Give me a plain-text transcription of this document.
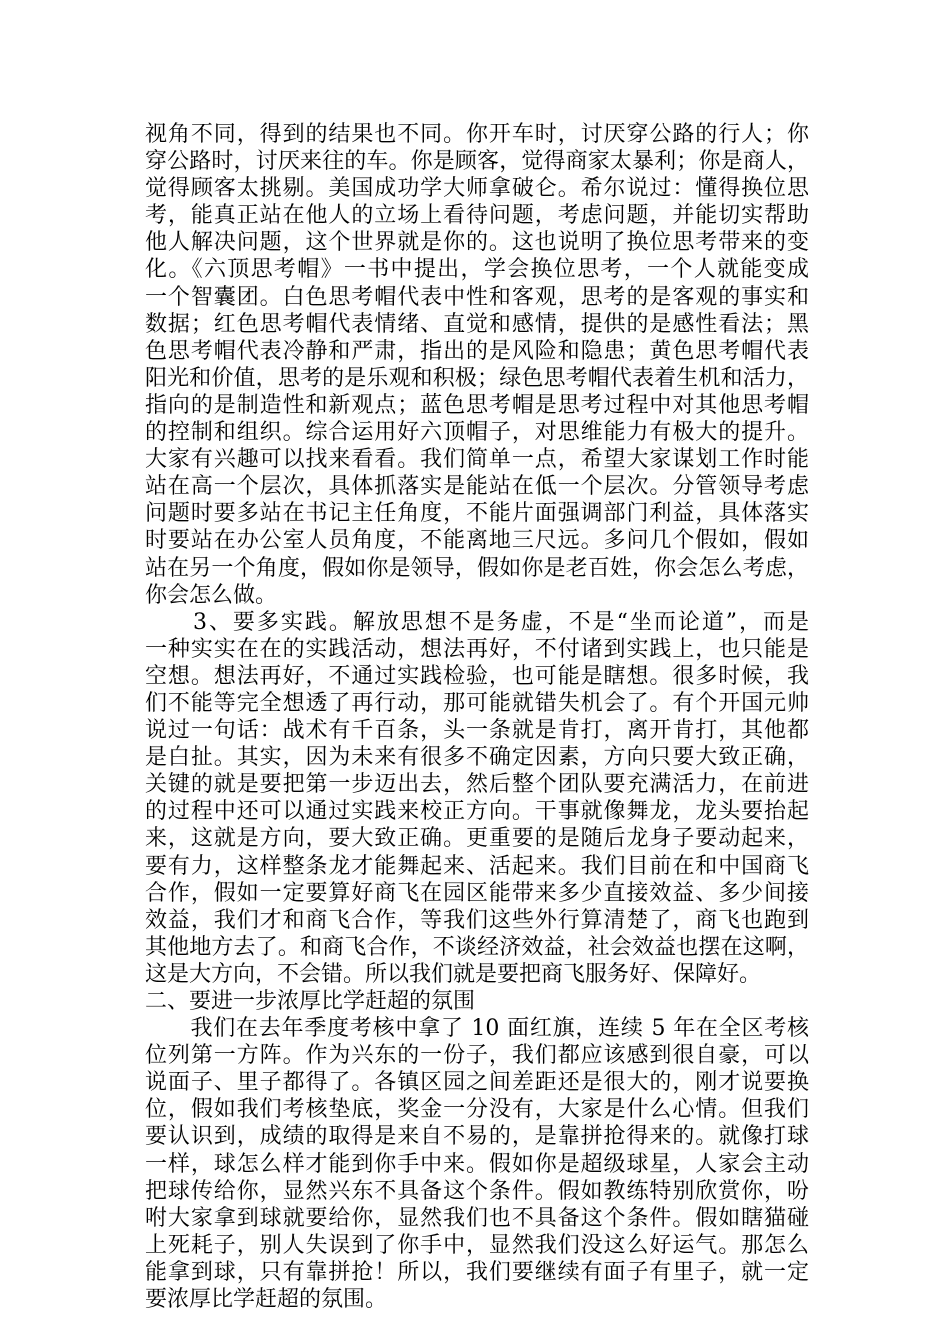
视角不同，得到的结果也不同。你开车时，讨厌穿公路的行人；你
穿公路时，讨厌来往的车。你是顾客，觉得商家太暴利；你是商人，
觉得顾客太挑剔。美国成功学大师拿破仑。希尔说过：懂得换位思
考，能真正站在他人的立场上看待问题，考虑问题，并能切实帮助
他人解决问题，这个世界就是你的。这也说明了换位思考带来的变
化。《六顶思考帽》一书中提出，学会换位思考，一个人就能变成
一个智囊团。白色思考帽代表中性和客观，思考的是客观的事实和
数据；红色思考帽代表情绪、直觉和感情，提供的是感性看法；黑
色思考帽代表冷静和严肃，指出的是风险和隐患；黄色思考帽代表
阳光和价值，思考的是乐观和积极；绿色思考帽代表着生机和活力，
指向的是制造性和新观点；蓝色思考帽是思考过程中对其他思考帽
的控制和组织。综合运用好六顶帽子，对思维能力有极大的提升。
大家有兴趣可以找来看看。我们简单一点，希望大家谋划工作时能
站在高一个层次，具体抓落实是能站在低一个层次。分管领导考虑
问题时要多站在书记主任角度，不能片面强调部门利益，具体落实
时要站在办公室人员角度，不能离地三尺远。多问几个假如，假如
站在另一个角度，假如你是领导，假如你是老百姓，你会怎么考虑，
你会怎么做。
　　3、要多实践。解放思想不是务虚，不是“坐而论道”，而是
一种实实在在的实践活动，想法再好，不付诸到实践上，也只能是
空想。想法再好，不通过实践检验，也可能是瞎想。很多时候，我
们不能等完全想透了再行动，那可能就错失机会了。有个开国元帅
说过一句话：战术有千百条，头一条就是肯打，离开肯打，其他都
是白扯。其实，因为未来有很多不确定因素，方向只要大致正确，
关键的就是要把第一步迈出去，然后整个团队要充满活力，在前进
的过程中还可以通过实践来校正方向。干事就像舞龙，龙头要抬起
来，这就是方向，要大致正确。更重要的是随后龙身子要动起来，
要有力，这样整条龙才能舞起来、活起来。我们目前在和中国商飞
合作，假如一定要算好商飞在园区能带来多少直接效益、多少间接
效益，我们才和商飞合作，等我们这些外行算清楚了，商飞也跑到
其他地方去了。和商飞合作，不谈经济效益，社会效益也摆在这啊，
这是大方向，不会错。所以我们就是要把商飞服务好、保障好。
二、要进一步浓厚比学赶超的氛围
　　我们在去年季度考核中拿了 10 面红旗，连续 5 年在全区考核
位列第一方阵。作为兴东的一份子，我们都应该感到很自豪，可以
说面子、里子都得了。各镇区园之间差距还是很大的，刚才说要换
位，假如我们考核垫底，奖金一分没有，大家是什么心情。但我们
要认识到，成绩的取得是来自不易的，是靠拼抢得来的。就像打球
一样，球怎么样才能到你手中来。假如你是超级球星，人家会主动
把球传给你，显然兴东不具备这个条件。假如教练特别欣赏你，吩
咐大家拿到球就要给你，显然我们也不具备这个条件。假如瞎猫碰
上死耗子，别人失误到了你手中，显然我们没这么好运气。那怎么
能拿到球，只有靠拼抢！所以，我们要继续有面子有里子，就一定
要浓厚比学赶超的氛围。
